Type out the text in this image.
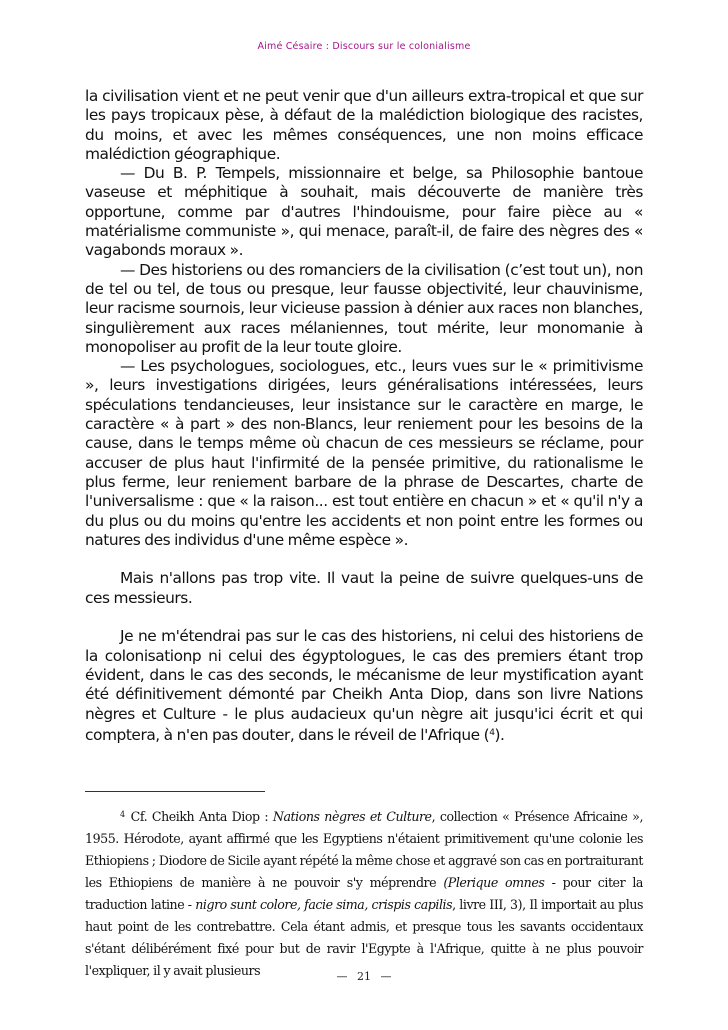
Aimé Césaire : Discours sur le colonialisme

la civilisation vient et ne peut venir que d'un ailleurs extra-tropical et que sur les pays tropicaux pèse, à défaut de la malédiction biologique des racistes, du moins, et avec les mêmes conséquences, une non moins efficace malédiction géographique.

— Du B. P. Tempels, missionnaire et belge, sa Philosophie bantoue vaseuse et méphitique à souhait, mais découverte de manière très opportune, comme par d'autres l'hindouisme, pour faire pièce au « matérialisme communiste », qui menace, paraît-il, de faire des nègres des « vagabonds moraux ».

— Des historiens ou des romanciers de la civilisation (c’est tout un), non de tel ou tel, de tous ou presque, leur fausse objectivité, leur chauvinisme, leur racisme sournois, leur vicieuse passion à dénier aux races non blanches, singulièrement aux races mélaniennes, tout mérite, leur monomanie à monopoliser au profit de la leur toute gloire.

— Les psychologues, sociologues, etc., leurs vues sur le « primitivisme », leurs investigations dirigées, leurs généralisations intéressées, leurs spéculations tendancieuses, leur insistance sur le caractère en marge, le caractère « à part » des non-Blancs, leur reniement pour les besoins de la cause, dans le temps même où chacun de ces messieurs se réclame, pour accuser de plus haut l'infirmité de la pensée primitive, du rationalisme le plus ferme, leur reniement barbare de la phrase de Descartes, charte de l'universalisme : que « la raison... est tout entière en chacun » et « qu'il n'y a du plus ou du moins qu'entre les accidents et non point entre les formes ou natures des individus d'une même espèce ».

Mais n'allons pas trop vite. Il vaut la peine de suivre quelques-uns de ces messieurs.

Je ne m'étendrai pas sur le cas des historiens, ni celui des historiens de la colonisationp ni celui des égyptologues, le cas des premiers étant trop évident, dans le cas des seconds, le mécanisme de leur mystification ayant été définitivement démonté par Cheikh Anta Diop, dans son livre Nations nègres et Culture - le plus audacieux qu'un nègre ait jusqu'ici écrit et qui comptera, à n'en pas douter, dans le réveil de l'Afrique ($^4$).

$^4$ Cf. Cheikh Anta Diop : Nations nègres et Culture, collection « Présence Africaine », 1955. Hérodote, ayant affirmé que les Egyptiens n'étaient primitivement qu'une colonie les Ethiopiens ; Diodore de Sicile ayant répété la même chose et aggravé son cas en portraiturant les Ethiopiens de manière à ne pouvoir s'y méprendre (Plerique omnes - pour citer la traduction latine - nigro sunt colore, facie sima, crispis capilis, livre III, 3), Il importait au plus haut point de les contrebattre. Cela étant admis, et presque tous les savants occidentaux s'étant délibérément fixé pour but de ravir l'Egypte à l'Afrique, quitte à ne plus pouvoir l'expliquer, il y avait plusieurs	— 21 —
